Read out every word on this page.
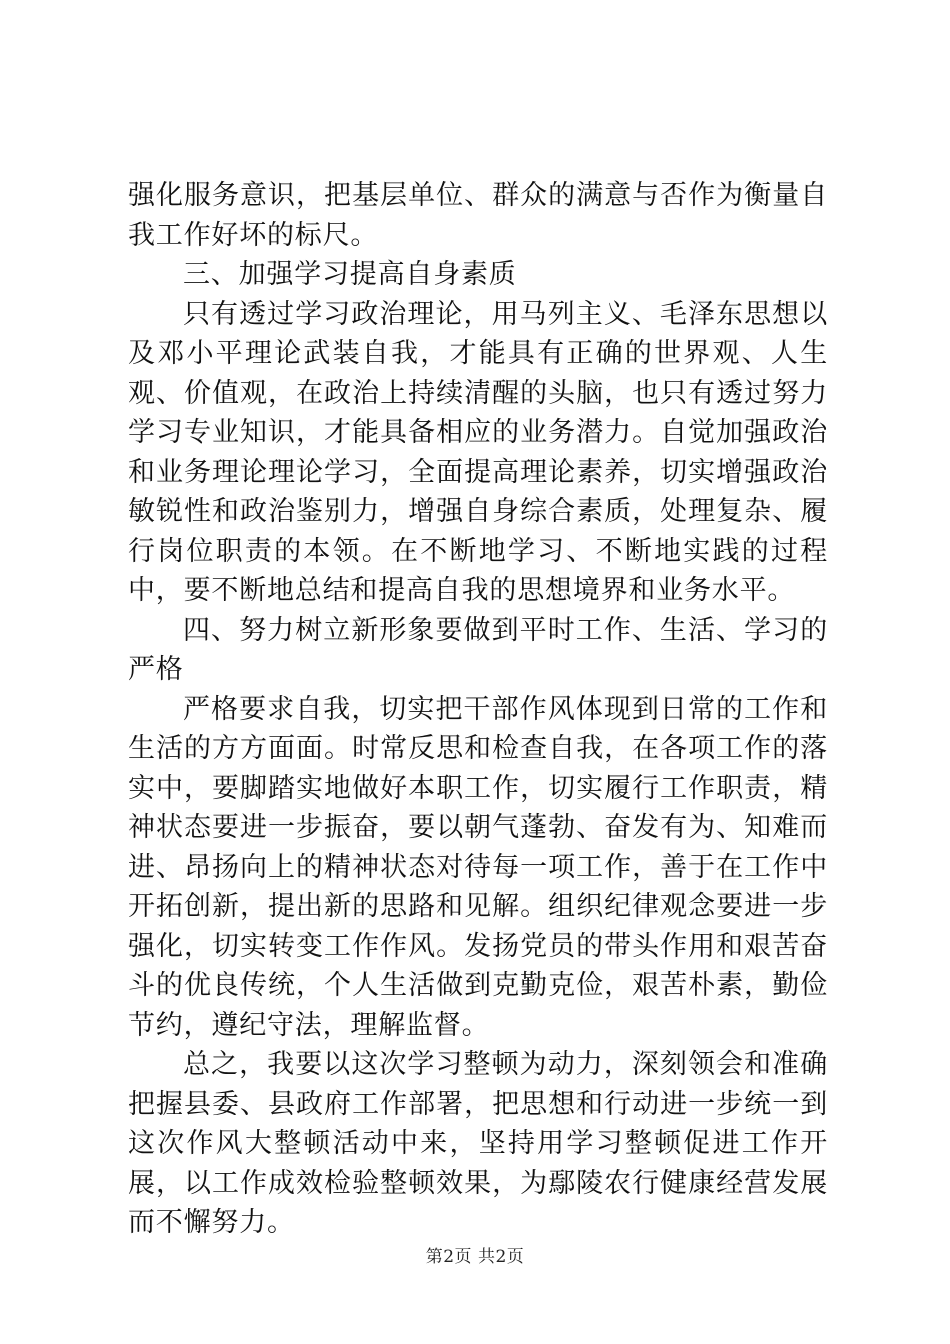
强化服务意识，把基层单位、群众的满意与否作为衡量自我工作好坏的标尺。

三、加强学习提高自身素质

只有透过学习政治理论，用马列主义、毛泽东思想以及邓小平理论武装自我，才能具有正确的世界观、人生观、价值观，在政治上持续清醒的头脑，也只有透过努力学习专业知识，才能具备相应的业务潜力。自觉加强政治和业务理论理论学习，全面提高理论素养，切实增强政治敏锐性和政治鉴别力，增强自身综合素质，处理复杂、履行岗位职责的本领。在不断地学习、不断地实践的过程中，要不断地总结和提高自我的思想境界和业务水平。

四、努力树立新形象要做到平时工作、生活、学习的严格

严格要求自我，切实把干部作风体现到日常的工作和生活的方方面面。时常反思和检查自我，在各项工作的落实中，要脚踏实地做好本职工作，切实履行工作职责，精神状态要进一步振奋，要以朝气蓬勃、奋发有为、知难而进、昂扬向上的精神状态对待每一项工作，善于在工作中开拓创新，提出新的思路和见解。组织纪律观念要进一步强化，切实转变工作作风。发扬党员的带头作用和艰苦奋斗的优良传统，个人生活做到克勤克俭，艰苦朴素，勤俭节约，遵纪守法，理解监督。

总之，我要以这次学习整顿为动力，深刻领会和准确把握县委、县政府工作部署，把思想和行动进一步统一到这次作风大整顿活动中来，坚持用学习整顿促进工作开展，以工作成效检验整顿效果，为鄢陵农行健康经营发展而不懈努力。

第2页 共2页
